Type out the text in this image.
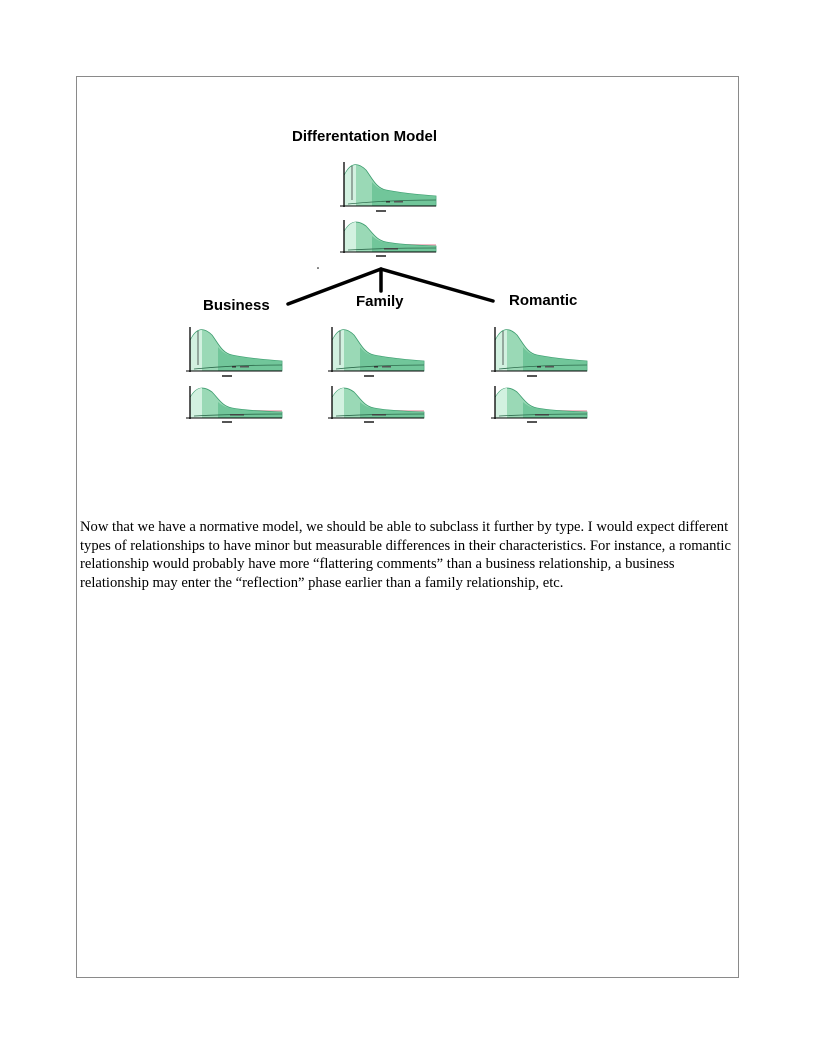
Differentation Model
Business	Family	Romantic

Now that we have a normative model, we should be able to subclass it further by type. I would expect different types of relationships to have minor but measurable differences in their characteristics. For instance, a romantic relationship would probably have more “flattering comments” than a business relationship, a business relationship may enter the “reflection” phase earlier than a family relationship, etc.
